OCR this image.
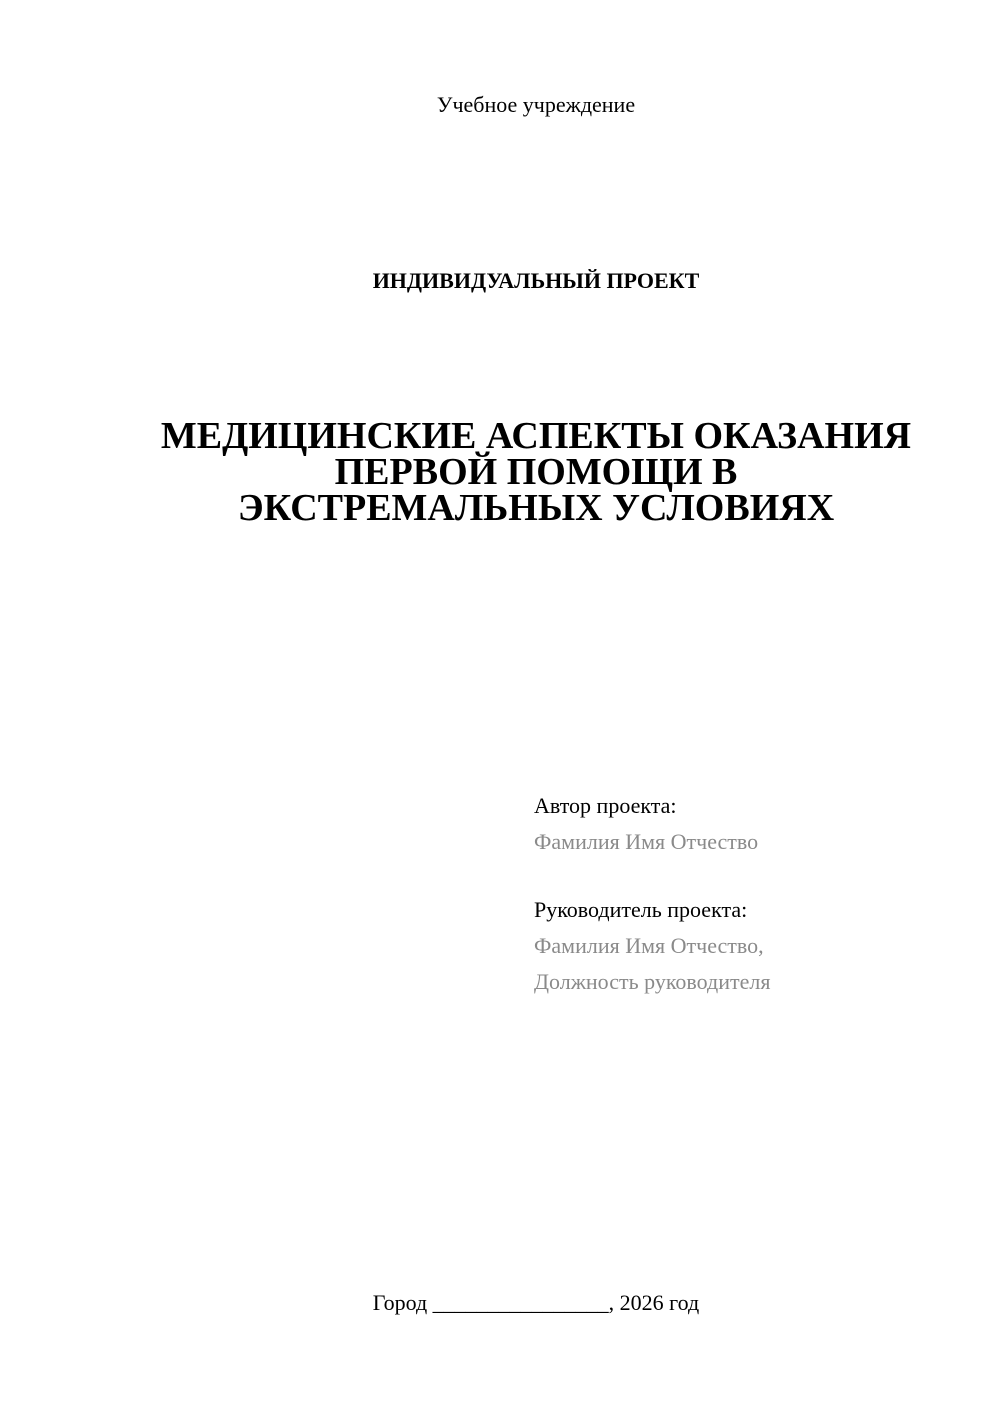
Учебное учреждение
ИНДИВИДУАЛЬНЫЙ ПРОЕКТ
МЕДИЦИНСКИЕ АСПЕКТЫ ОКАЗАНИЯ
ПЕРВОЙ ПОМОЩИ В
ЭКСТРЕМАЛЬНЫХ УСЛОВИЯХ
Автор проекта:
Фамилия Имя Отчество
Руководитель проекта:
Фамилия Имя Отчество,
Должность руководителя
Город ________________, 2026 год
